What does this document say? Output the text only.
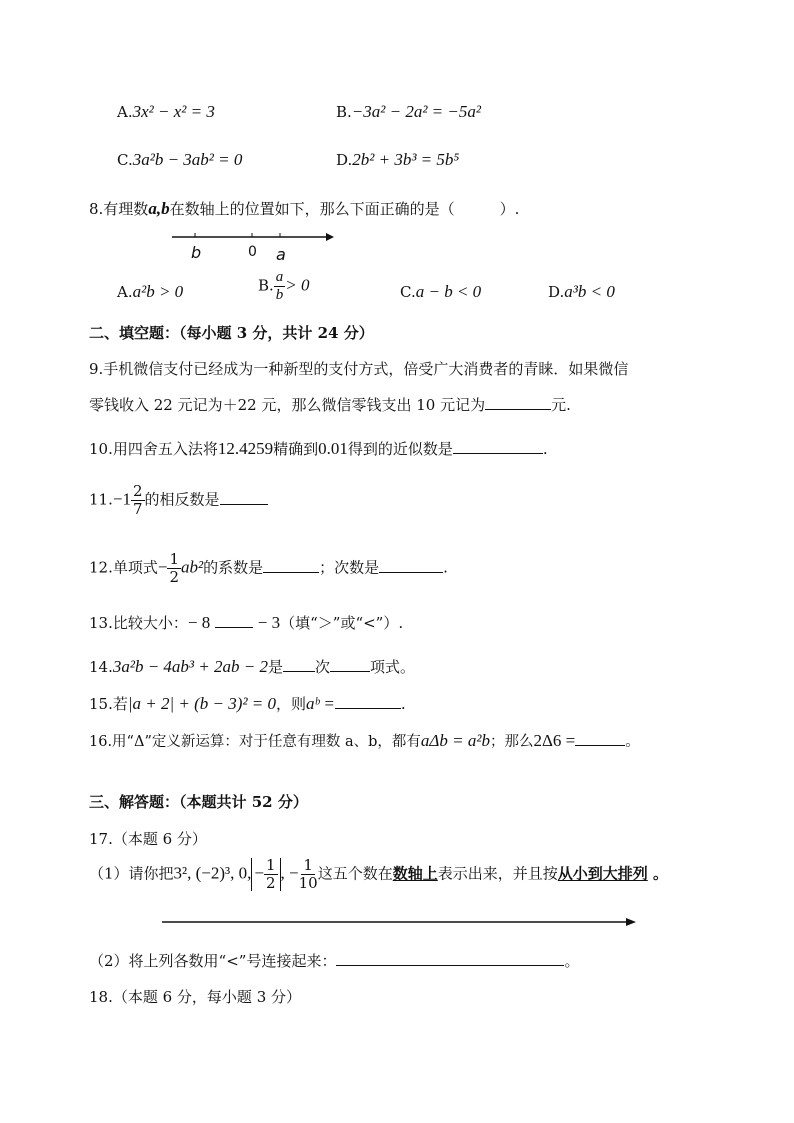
A.3x² − x² = 3	B.−3a² − 2a² = −5a²
C.3a²b − 3ab² = 0	D.2b² + 3b³ = 5b⁵
8.有理数a,b在数轴上的位置如下，那么下面正确的是（　　　）.
b	0 a
A.a²b > 0	B. $\frac{a}{b} > 0$	C.a − b < 0	D.a³b < 0
二、填空题：（每小题 3 分，共计 24 分）
9.手机微信支付已经成为一种新型的支付方式，倍受广大消费者的青睐．如果微信
零钱收入 22 元记为＋22 元，那么微信零钱支出 10 元记为	元.
10.用四舍五入法将12.4259精确到0.01得到的近似数是	.
$11.-1 \frac{2}{7}$ 的相反数是
12.单项式− $\frac{1}{2} ab^2$的系数是	；次数是	.
13.比较大小：− 8	− 3（填“＞”或“<”）.
14.3a²b − 4ab³ + 2ab − 2是 次	项式。
15.若|a + 2| + (b − 3)² = 0，则aᵇ =	.
16.用“Δ”定义新运算：对于任意有理数 a、b，都有aΔb = a²b；那么2Δ6 =	。
三、解答题：（本题共计 52 分）
17.（本题 6 分）
（1）请你把3², (−2)³, 0, − $\frac{1}{2}$ , − $\frac{1}{10}$ 这五个数在数轴上表示出来，并且按从小到大排列 。
（2）将上列各数用“<”号连接起来：	。
18.（本题 6 分，每小题 3 分）
